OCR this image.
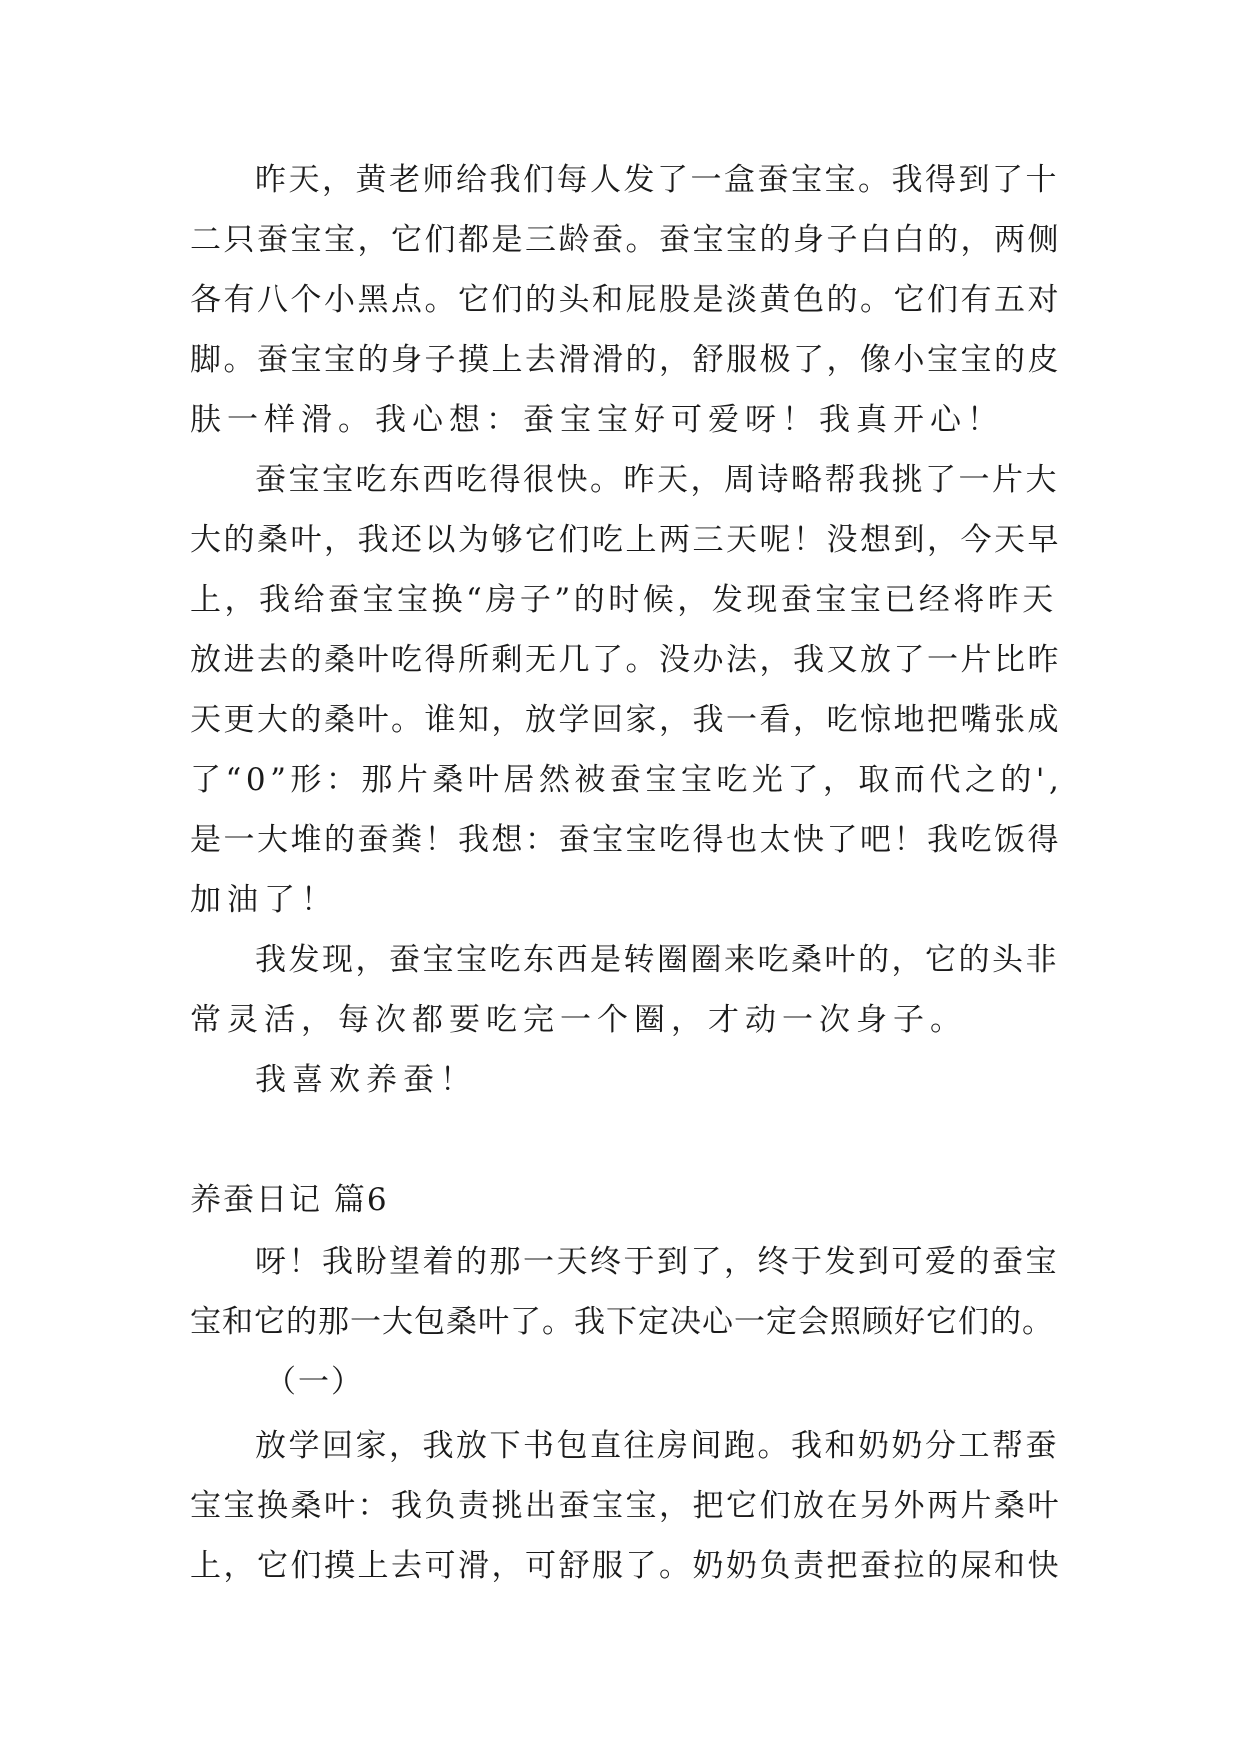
昨天，黄老师给我们每人发了一盒蚕宝宝。我得到了十
二只蚕宝宝，它们都是三龄蚕。蚕宝宝的身子白白的，两侧
各有八个小黑点。它们的头和屁股是淡黄色的。它们有五对
脚。蚕宝宝的身子摸上去滑滑的，舒服极了，像小宝宝的皮
肤一样滑。我心想：蚕宝宝好可爱呀！我真开心！
蚕宝宝吃东西吃得很快。昨天，周诗略帮我挑了一片大
大的桑叶，我还以为够它们吃上两三天呢！没想到，今天早
上，我给蚕宝宝换“房子”的时候，发现蚕宝宝已经将昨天
放进去的桑叶吃得所剩无几了。没办法，我又放了一片比昨
天更大的桑叶。谁知，放学回家，我一看，吃惊地把嘴张成
了“0”形：那片桑叶居然被蚕宝宝吃光了，取而代之的',
是一大堆的蚕粪！我想：蚕宝宝吃得也太快了吧！我吃饭得
加油了！
我发现，蚕宝宝吃东西是转圈圈来吃桑叶的，它的头非
常灵活，每次都要吃完一个圈，才动一次身子。
我喜欢养蚕！
养蚕日记 篇6
呀！我盼望着的那一天终于到了，终于发到可爱的蚕宝
宝和它的那一大包桑叶了。我下定决心一定会照顾好它们的。
（一）
放学回家，我放下书包直往房间跑。我和奶奶分工帮蚕
宝宝换桑叶：我负责挑出蚕宝宝，把它们放在另外两片桑叶
上，它们摸上去可滑，可舒服了。奶奶负责把蚕拉的屎和快
